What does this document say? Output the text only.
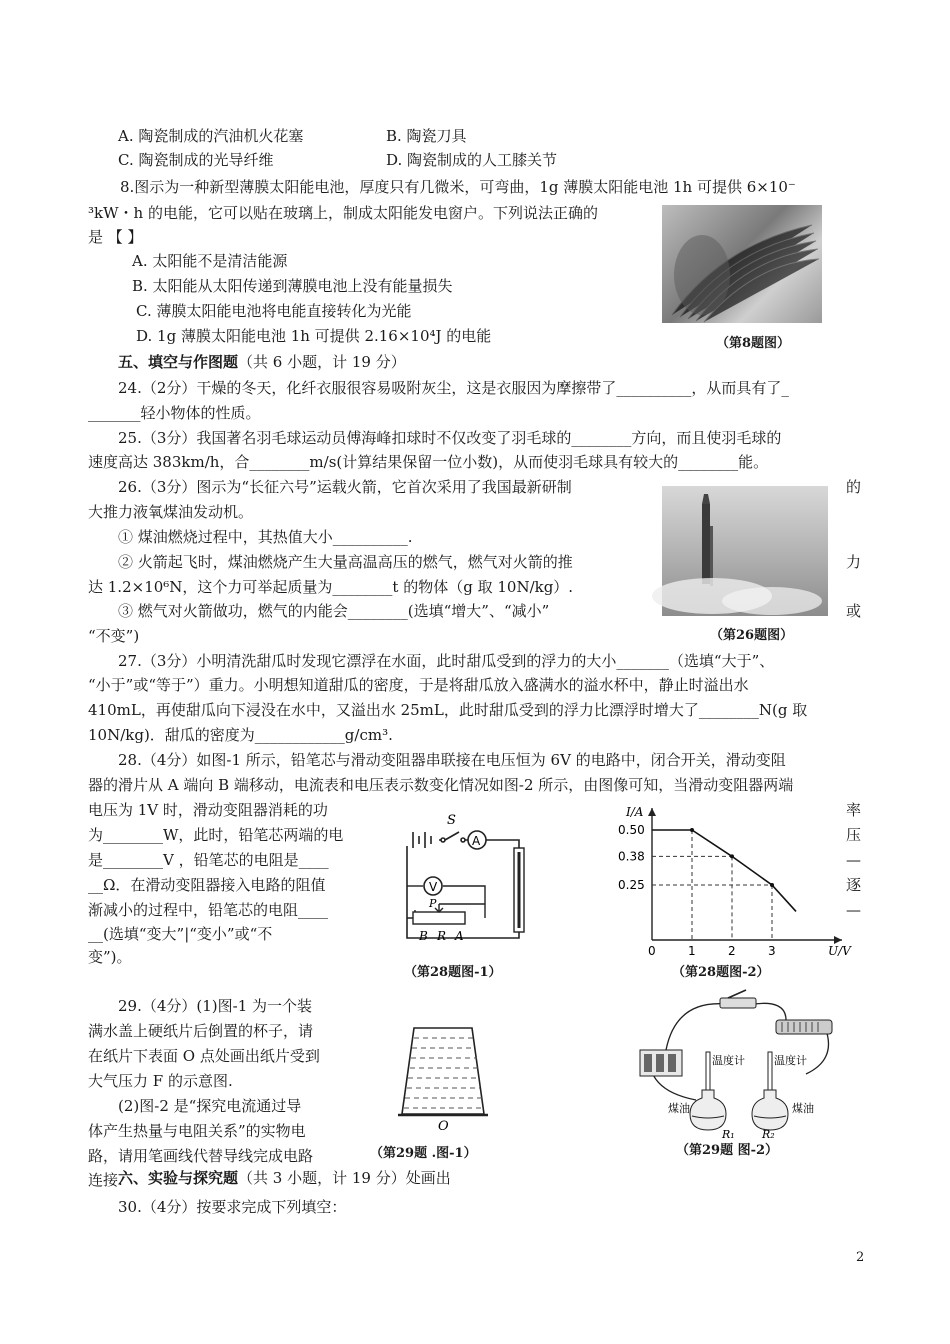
A. 陶瓷制成的汽油机火花塞	B. 陶瓷刀具
C. 陶瓷制成的光导纤维	D. 陶瓷制成的人工膝关节
8.图示为一种新型薄膜太阳能电池，厚度只有几微米，可弯曲，1g 薄膜太阳能电池 1h 可提供 6×10⁻
³kW・h 的电能，它可以贴在玻璃上，制成太阳能发电窗户。下列说法正确的
是 【 】
A. 太阳能不是清洁能源
B. 太阳能从太阳传递到薄膜电池上没有能量损失
C. 薄膜太阳能电池将电能直接转化为光能
D. 1g 薄膜太阳能电池 1h 可提供 2.16×10⁴J 的电能	（第8题图）
五、填空与作图题（共 6 小题，计 19 分）
24.（2分）干燥的冬天，化纤衣服很容易吸附灰尘，这是衣服因为摩擦带了__________，从而具有了_
_______轻小物体的性质。
25.（3分）我国著名羽毛球运动员傅海峰扣球时不仅改变了羽毛球的________方向，而且使羽毛球的
速度高达 383km/h，合________m/s(计算结果保留一位小数)，从而使羽毛球具有较大的________能。
26.（3分）图示为“长征六号”运载火箭，它首次采用了我国最新研制	的
大推力液氧煤油发动机。
① 煤油燃烧过程中，其热值大小__________.
② 火箭起飞时，煤油燃烧产生大量高温高压的燃气，燃气对火箭的推	力
达 1.2×10⁶N，这个力可举起质量为________t 的物体（g 取 10N/kg）.
③ 燃气对火箭做功，燃气的内能会________(选填“增大”、“减小”	或
“不变”)	（第26题图）
27.（3分）小明清洗甜瓜时发现它漂浮在水面，此时甜瓜受到的浮力的大小_______（选填“大于”、
“小于”或“等于”）重力。小明想知道甜瓜的密度，于是将甜瓜放入盛满水的溢水杯中，静止时溢出水
410mL，再使甜瓜向下浸没在水中，又溢出水 25mL，此时甜瓜受到的浮力比漂浮时增大了________N(g 取
10N/kg)．甜瓜的密度为____________g/cm³.
28.（4分）如图-1 所示，铅笔芯与滑动变阻器串联接在电压恒为 6V 的电路中，闭合开关，滑动变阻
器的滑片从 A 端向 B 端移动，电流表和电压表示数变化情况如图-2 所示，由图像可知，当滑动变阻器两端
电压为 1V 时，滑动变阻器消耗的功
为________W，此时，铅笔芯两端的电
是________V ，铅笔芯的电阻是____
__Ω．在滑动变阻器接入电路的阻值
渐减小的过程中，铅笔芯的电阻____
__(选填“变大”|“变小”或“不
变”)。
率
压
—
逐
—
S
A
V
P
B R A
（第28题图-1）
0	1	2	3
0.25
0.38
0.50
U/V
I/A
（第28题图-2）
29.（4分）(1)图-1 为一个装
满水盖上硬纸片后倒置的杯子，请
在纸片下表面 O 点处画出纸片受到
大气压力 F 的示意图.
(2)图-2 是“探究电流通过导
体产生热量与电阻关系”的实物电
路，请用笔画线代替导线完成电路
连接.
O
（第29题 .图-1）
温度计	温度计
煤油	煤油
R₁ R₂
（第29题 图-2）
六、实验与探究题（共 3 小题，计 19 分）处画出
30.（4分）按要求完成下列填空：
2
